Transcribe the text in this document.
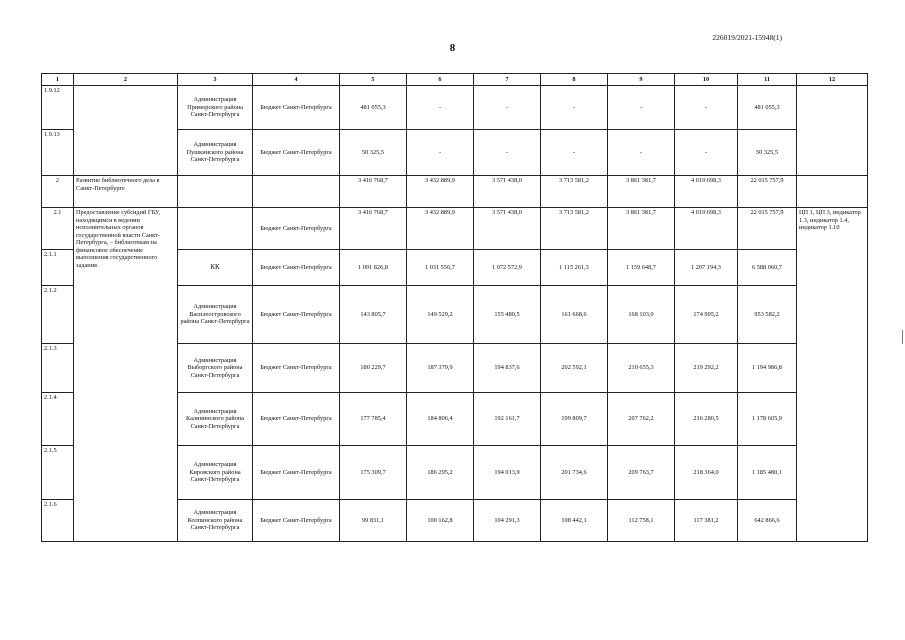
226019/2021-15948(1)
8
1	2	3	4	5	6	7	8	9	10	11	12
1.9.12		Администрация Приморского района Санкт-Петербурга	Бюджет Санкт-Петербурга	481 055,3	-	-	-	-	-	481 055,3	
1.9.13		Администрация Пушкинского района Санкт-Петербурга	Бюджет Санкт-Петербурга	50 325,5	-	-	-	-	-	50 325,5	
2	Развитие библиотечного дела в Санкт-Петербурге			3 416 768,7	3 432 889,9	3 571 438,0	3 713 581,2	3 861 381,7	4 019 698,3	22 015 757,9	
2.1	Предоставление субсидий ГБУ, находящимся в ведении исполнительных органов государственной власти Санкт-Петербурга, – библиотекам на финансовое обеспечение выполнения государственного задания		Бюджет Санкт-Петербурга	3 416 768,7	3 432 889,9	3 571 438,0	3 713 581,2	3 861 381,7	4 019 698,3	22 015 757,9	ЦП 1, ЦП 3, индикатор 1.3, индикатор 1.4, индикатор 1.10
2.1.1		КК	Бюджет Санкт-Петербурга	1 091 826,8	1 031 556,7	1 072 572,9	1 115 261,3	1 159 648,7	1 207 194,3	6 588 060,7	
2.1.2		Администрация Василеостровского района Санкт-Петербурга	Бюджет Санкт-Петербурга	143 805,7	149 529,2	155 480,5	161 668,6	168 103,0	174 995,2	953 582,2	
2.1.3		Администрация Выборгского района Санкт-Петербурга	Бюджет Санкт-Петербурга	180 229,7	187 379,9	194 837,6	202 592,1	210 655,3	219 292,2	1 194 986,8	
2.1.4		Администрация Калининского района Санкт-Петербурга	Бюджет Санкт-Петербурга	177 785,4	184 806,4	192 161,7	199 809,7	207 762,2	216 280,5	1 178 605,9	
2.1.5		Администрация Кировского района Санкт-Петербурга	Бюджет Санкт-Петербурга	175 309,7	186 295,2	194 013,9	201 734,6	209 763,7	218 364,0	1 185 480,1	
2.1.6		Администрация Колпинского района Санкт-Петербурга	Бюджет Санкт-Петербурга	99 831,1	100 162,8	104 291,3	108 442,1	112 758,1	117 381,2	642 866,6	
